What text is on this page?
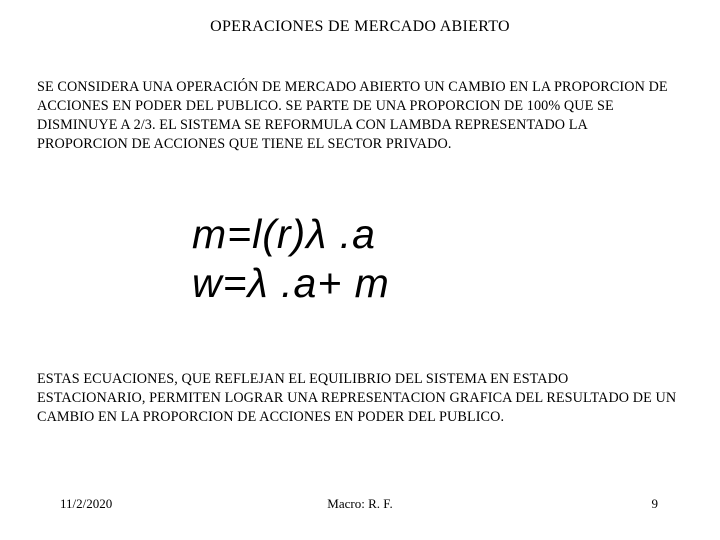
OPERACIONES DE MERCADO ABIERTO
SE CONSIDERA UNA OPERACIÓN DE MERCADO ABIERTO UN CAMBIO EN LA PROPORCION DE ACCIONES EN PODER DEL PUBLICO. SE PARTE DE UNA PROPORCION DE 100% QUE SE DISMINUYE A 2/3. EL SISTEMA SE REFORMULA CON LAMBDA REPRESENTADO LA PROPORCION DE ACCIONES QUE TIENE EL SECTOR PRIVADO.
m=l(r)λ .a
w=λ .a+ m
ESTAS ECUACIONES, QUE REFLEJAN EL EQUILIBRIO DEL SISTEMA EN ESTADO ESTACIONARIO, PERMITEN LOGRAR UNA REPRESENTACION GRAFICA DEL RESULTADO DE UN CAMBIO EN LA PROPORCION DE ACCIONES EN PODER DEL PUBLICO.
11/2/2020	Macro: R. F.	9
